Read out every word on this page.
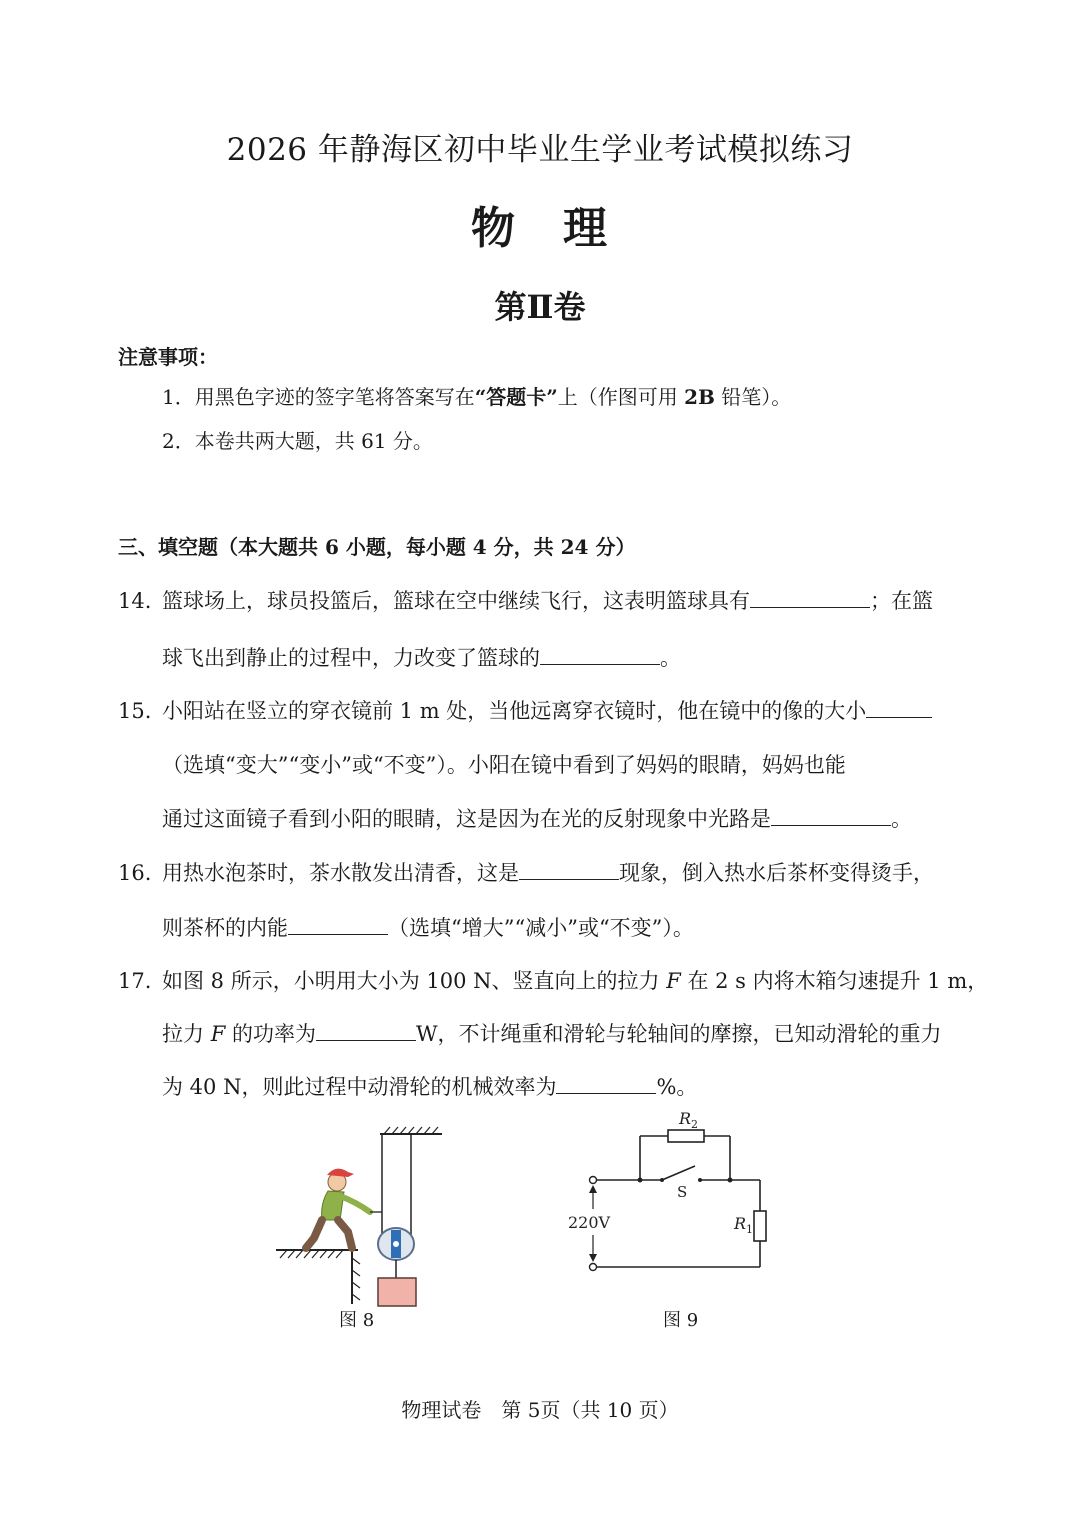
2026 年静海区初中毕业生学业考试模拟练习
物　理
第Ⅱ卷
注意事项：
1．用黑色字迹的签字笔将答案写在“答题卡”上（作图可用 2B 铅笔）。
2．本卷共两大题，共 61 分。
三、填空题（本大题共 6 小题，每小题 4 分，共 24 分）
14. 篮球场上，球员投篮后，篮球在空中继续飞行，这表明篮球具有	；在篮
球飞出到静止的过程中，力改变了篮球的	。
15. 小阳站在竖立的穿衣镜前 1 m 处，当他远离穿衣镜时，他在镜中的像的大小
（选填“变大”“变小”或“不变”）。小阳在镜中看到了妈妈的眼睛，妈妈也能
通过这面镜子看到小阳的眼睛，这是因为在光的反射现象中光路是	。
16. 用热水泡茶时，茶水散发出清香，这是	现象，倒入热水后茶杯变得烫手，
则茶杯的内能	（选填“增大”“减小”或“不变”）。
17. 如图 8 所示，小明用大小为 100 N、竖直向上的拉力 F 在 2 s 内将木箱匀速提升 1 m，
拉力 F 的功率为	W，不计绳重和滑轮与轮轴间的摩擦，已知动滑轮的重力
为 40 N，则此过程中动滑轮的机械效率为	%。
图 8
$R_2$
S
$R_1$
220V
图 9
物理试卷　第 5页（共 10 页）
